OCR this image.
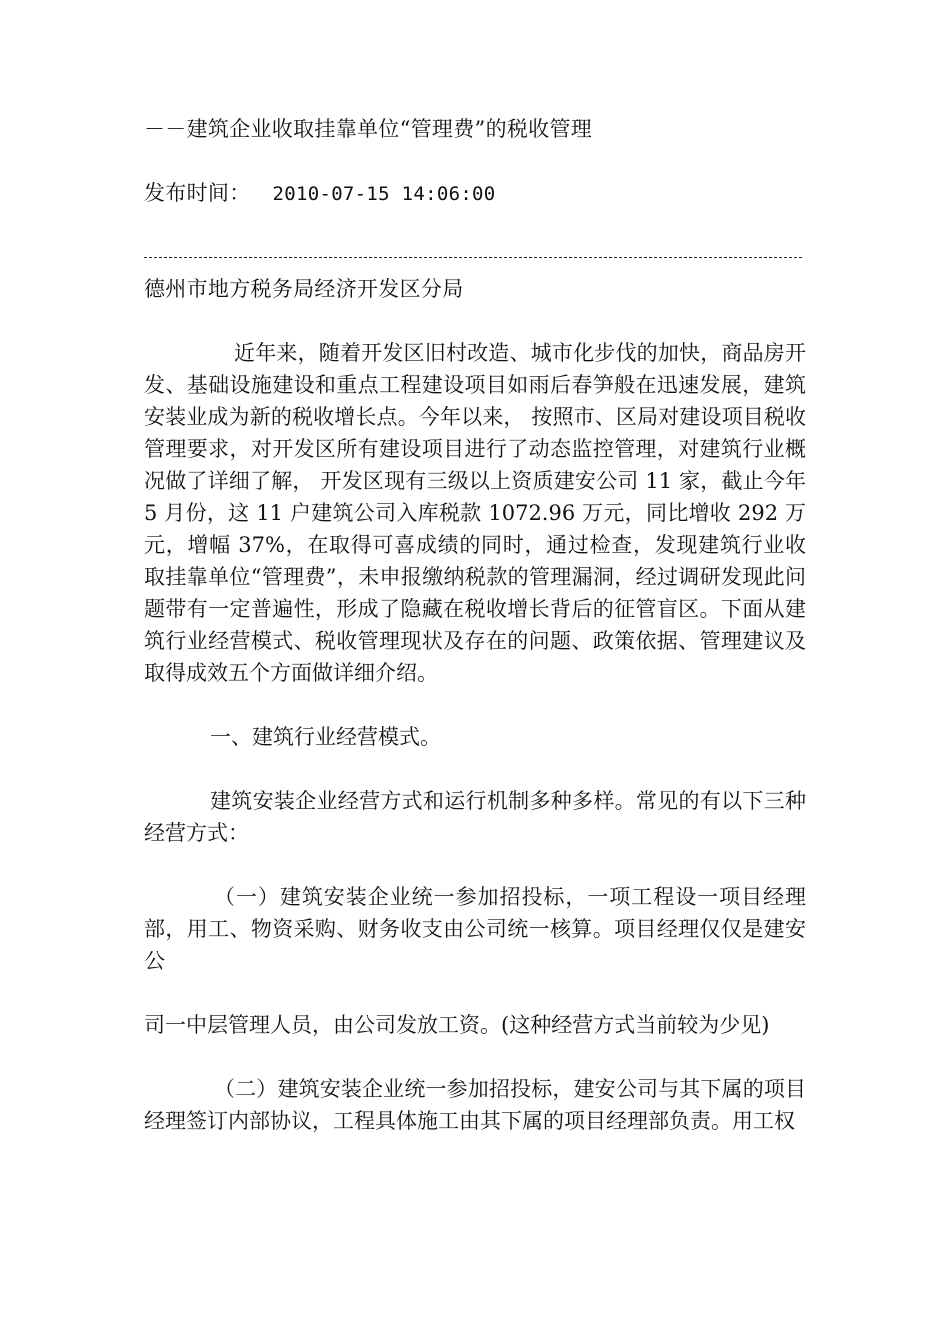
－－建筑企业收取挂靠单位“管理费”的税收管理
发布时间： 2010-07-15 14:06:00
德州市地方税务局经济开发区分局
近年来，随着开发区旧村改造、城市化步伐的加快，商品房开发、基础设施建设和重点工程建设项目如雨后春笋般在迅速发展，建筑安装业成为新的税收增长点。今年以来， 按照市、区局对建设项目税收管理要求，对开发区所有建设项目进行了动态监控管理，对建筑行业概况做了详细了解， 开发区现有三级以上资质建安公司 11 家，截止今年 5 月份，这 11 户建筑公司入库税款 1072.96 万元，同比增收 292 万元，增幅 37%，在取得可喜成绩的同时，通过检查，发现建筑行业收取挂靠单位“管理费”，未申报缴纳税款的管理漏洞，经过调研发现此问题带有一定普遍性，形成了隐藏在税收增长背后的征管盲区。下面从建筑行业经营模式、税收管理现状及存在的问题、政策依据、管理建议及取得成效五个方面做详细介绍。
一、建筑行业经营模式。
建筑安装企业经营方式和运行机制多种多样。常见的有以下三种经营方式：
（一）建筑安装企业统一参加招投标，一项工程设一项目经理部，用工、物资采购、财务收支由公司统一核算。项目经理仅仅是建安公
司一中层管理人员，由公司发放工资。(这种经营方式当前较为少见)
（二）建筑安装企业统一参加招投标，建安公司与其下属的项目经理签订内部协议，工程具体施工由其下属的项目经理部负责。用工权
